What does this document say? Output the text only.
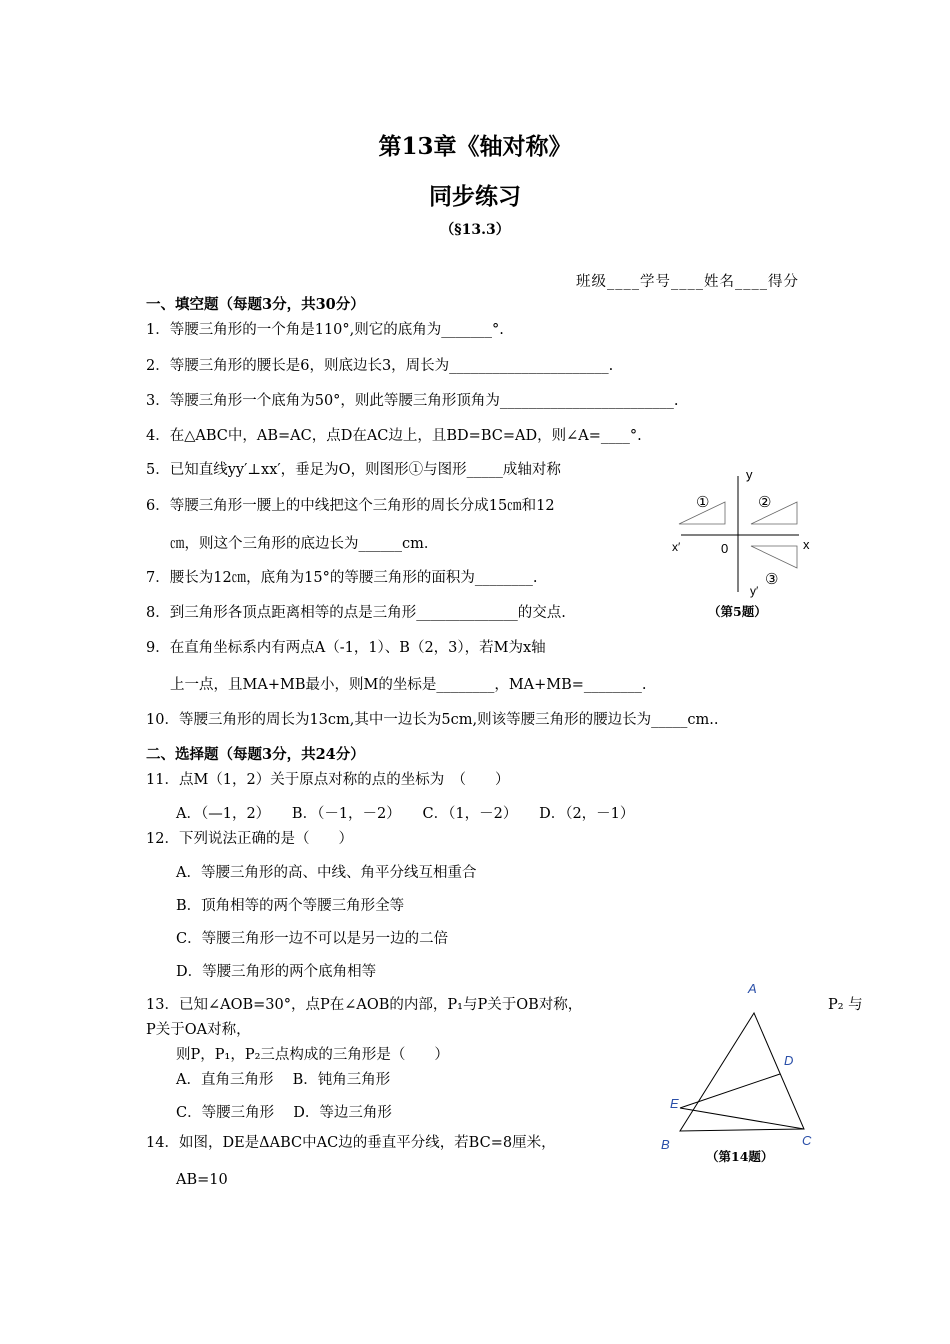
第13章《轴对称》
同步练习
（§13.3）
班级____学号____姓名____得分
一、填空题（每题3分，共30分）
1．等腰三角形的一个角是110°,则它的底角为_______°.
2．等腰三角形的腰长是6，则底边长3，周长为______________________.
3．等腰三角形一个底角为50°，则此等腰三角形顶角为________________________.
4．在△ABC中，AB=AC，点D在AC边上，且BD=BC=AD，则∠A=____°.
5．已知直线yy′⊥xx′，垂足为O，则图形①与图形_____成轴对称
6．等腰三角形一腰上的中线把这个三角形的周长分成15㎝和12
㎝，则这个三角形的底边长为______cm．
7．腰长为12㎝，底角为15°的等腰三角形的面积为________.
8．到三角形各顶点距离相等的点是三角形______________的交点.
9．在直角坐标系内有两点A（-1，1）、B（2，3），若M为x轴
上一点，且MA+MB最小，则M的坐标是________，MA+MB=________.
10．等腰三角形的周长为13cm,其中一边长为5cm,则该等腰三角形的腰边长为_____cm..
y
y′
x
x′	0
①	②
③
（第5题）
二、选择题（每题3分，共24分）
11．点M（1，2）关于原点对称的点的坐标为　（　　）
A．（—1，2）　　B．（－1，－2）　　C．（1，－2）　　D．（2，－1）
12．下列说法正确的是（　　）
A．等腰三角形的高、中线、角平分线互相重合
B．顶角相等的两个等腰三角形全等
C．等腰三角形一边不可以是另一边的二倍
D．等腰三角形的两个底角相等
13．已知∠AOB=30°，点P在∠AOB的内部，P₁与P关于OB对称，	P₂ 与
P关于OA对称，
则P，P₁，P₂三点构成的三角形是（　　）
A．直角三角形　 B．钝角三角形
C．等腰三角形　 D．等边三角形
14．如图，DE是ΔABC中AC边的垂直平分线，若BC=8厘米，
AB=10
A
D
E
B	C
（第14题）
